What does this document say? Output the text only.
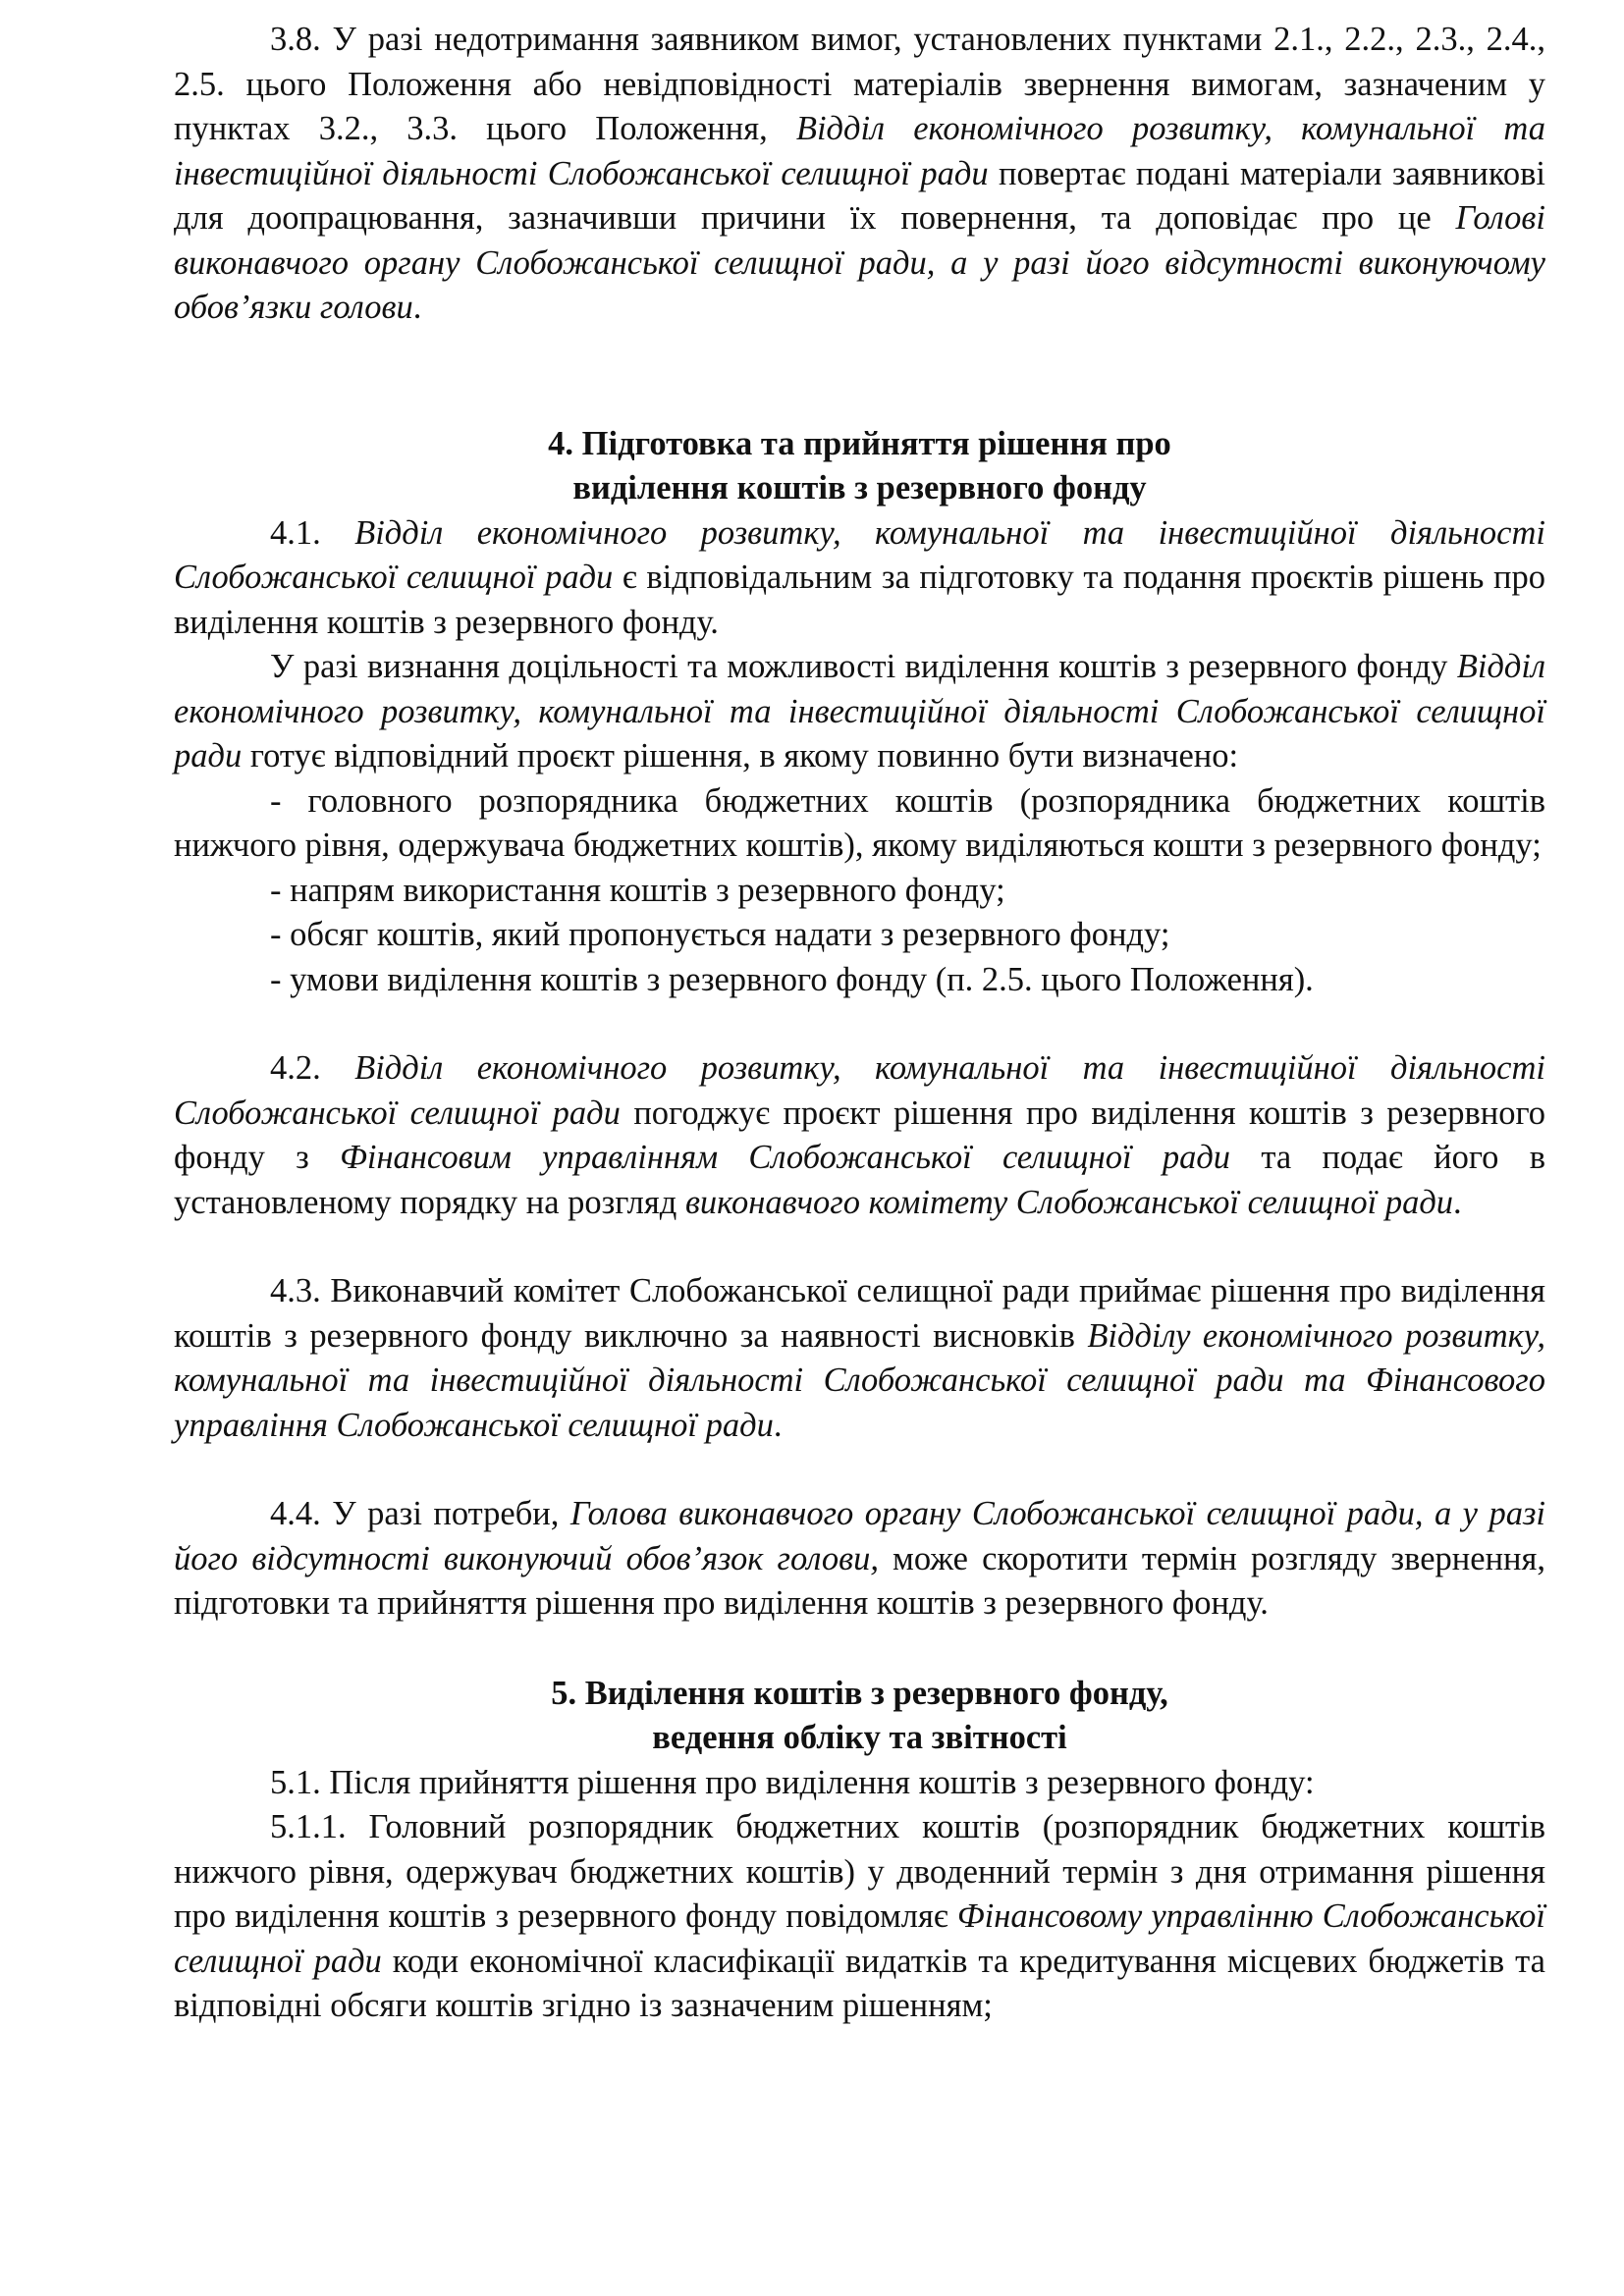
3.8. У разі недотримання заявником вимог, установлених пунктами 2.1., 2.2., 2.3., 2.4., 2.5. цього Положення або невідповідності матеріалів звернення вимогам, зазначеним у пунктах 3.2., 3.3. цього Положення, Відділ економічного розвитку, комунальної та інвестиційної діяльності Слобожанської селищної ради повертає подані матеріали заявникові для доопрацювання, зазначивши причини їх повернення, та доповідає про це Голові виконавчого органу Слобожанської селищної ради, а у разі його відсутності виконуючому обов’язки голови.

4. Підготовка та прийняття рішення про

виділення коштів з резервного фонду

4.1. Відділ економічного розвитку, комунальної та інвестиційної діяльності Слобожанської селищної ради є відповідальним за підготовку та подання проєктів рішень про виділення коштів з резервного фонду.

У разі визнання доцільності та можливості виділення коштів з резервного фонду Відділ економічного розвитку, комунальної та інвестиційної діяльності Слобожанської селищної ради готує відповідний проєкт рішення, в якому повинно бути визначено:

- головного розпорядника бюджетних коштів (розпорядника бюджетних коштів нижчого рівня, одержувача бюджетних коштів), якому виділяються кошти з резервного фонду;

- напрям використання коштів з резервного фонду;

- обсяг коштів, який пропонується надати з резервного фонду;

- умови виділення коштів з резервного фонду (п. 2.5. цього Положення).

4.2. Відділ економічного розвитку, комунальної та інвестиційної діяльності Слобожанської селищної ради погоджує проєкт рішення про виділення коштів з резервного фонду з Фінансовим управлінням Слобожанської селищної ради та подає його в установленому порядку на розгляд виконавчого комітету Слобожанської селищної ради.

4.3. Виконавчий комітет Слобожанської селищної ради приймає рішення про виділення коштів з резервного фонду виключно за наявності висновків Відділу економічного розвитку, комунальної та інвестиційної діяльності Слобожанської селищної ради та Фінансового управління Слобожанської селищної ради.

4.4. У разі потреби, Голова виконавчого органу Слобожанської селищної ради, а у разі його відсутності виконуючий обов’язок голови, може скоротити термін розгляду звернення, підготовки та прийняття рішення про виділення коштів з резервного фонду.

5. Виділення коштів з резервного фонду,

ведення обліку та звітності

5.1. Після прийняття рішення про виділення коштів з резервного фонду:

5.1.1. Головний розпорядник бюджетних коштів (розпорядник бюджетних коштів нижчого рівня, одержувач бюджетних коштів) у дводенний термін з дня отримання рішення про виділення коштів з резервного фонду повідомляє Фінансовому управлінню Слобожанської селищної ради коди економічної класифікації видатків та кредитування місцевих бюджетів та відповідні обсяги коштів згідно із зазначеним рішенням;
